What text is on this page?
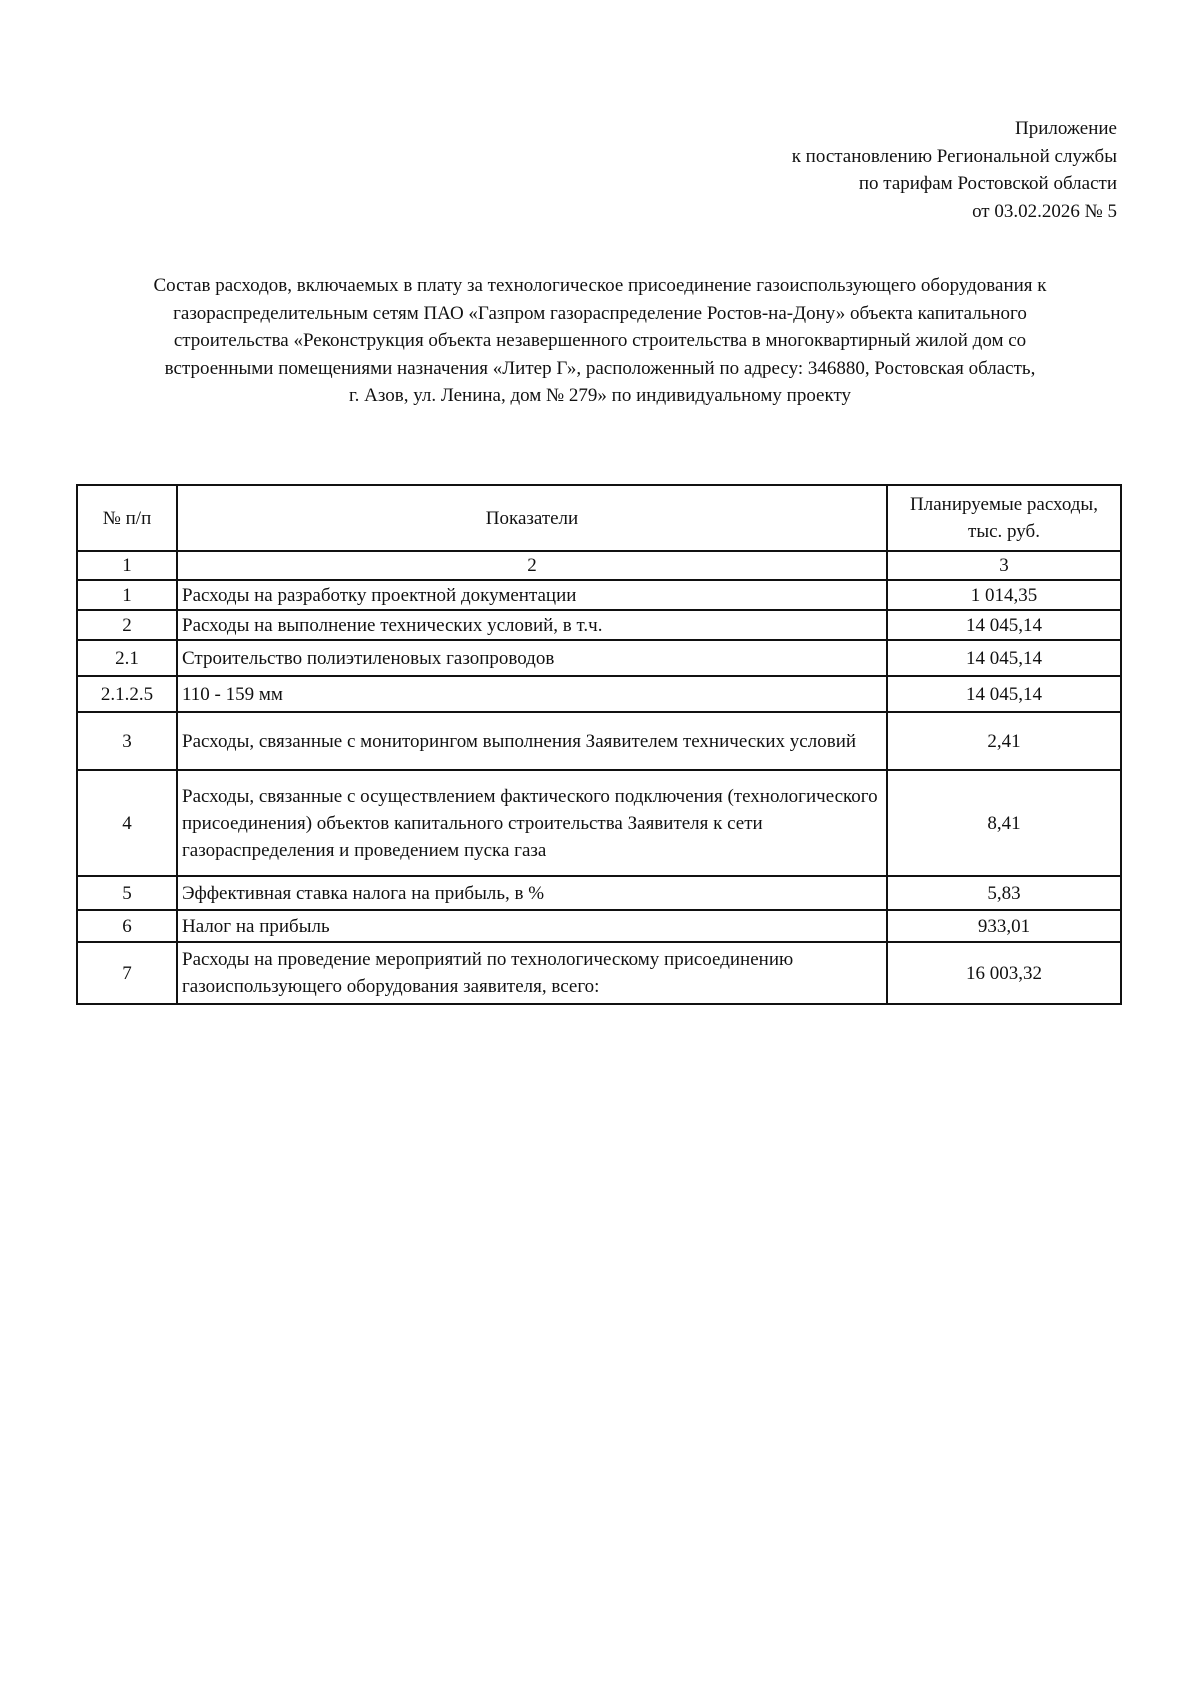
Приложение
к постановлению Региональной службы
по тарифам Ростовской области
от 03.02.2026 № 5
Состав расходов, включаемых в плату за технологическое присоединение газоиспользующего оборудования к
газораспределительным сетям ПАО «Газпром газораспределение Ростов-на-Дону» объекта капитального
строительства «Реконструкция объекта незавершенного строительства в многоквартирный жилой дом со
встроенными помещениями назначения «Литер Г», расположенный по адресу: 346880, Ростовская область,
г. Азов, ул. Ленина, дом № 279» по индивидуальному проекту
№ п/п	Показатели	Планируемые расходы,
тыс. руб.

1	2	3
1	Расходы на разработку проектной документации	1 014,35
2	Расходы на выполнение технических условий, в т.ч.	14 045,14
2.1	Строительство полиэтиленовых газопроводов	14 045,14
2.1.2.5	110 - 159 мм	14 045,14
3	Расходы, связанные с мониторингом выполнения Заявителем технических условий	2,41
4	Расходы, связанные с осуществлением фактического подключения (технологического присоединения) объектов капитального строительства Заявителя к сети газораспределения и проведением пуска газа	8,41
5	Эффективная ставка налога на прибыль, в %	5,83
6	Налог на прибыль	933,01
7	Расходы на проведение мероприятий по технологическому присоединению газоиспользующего оборудования заявителя, всего:	16 003,32
